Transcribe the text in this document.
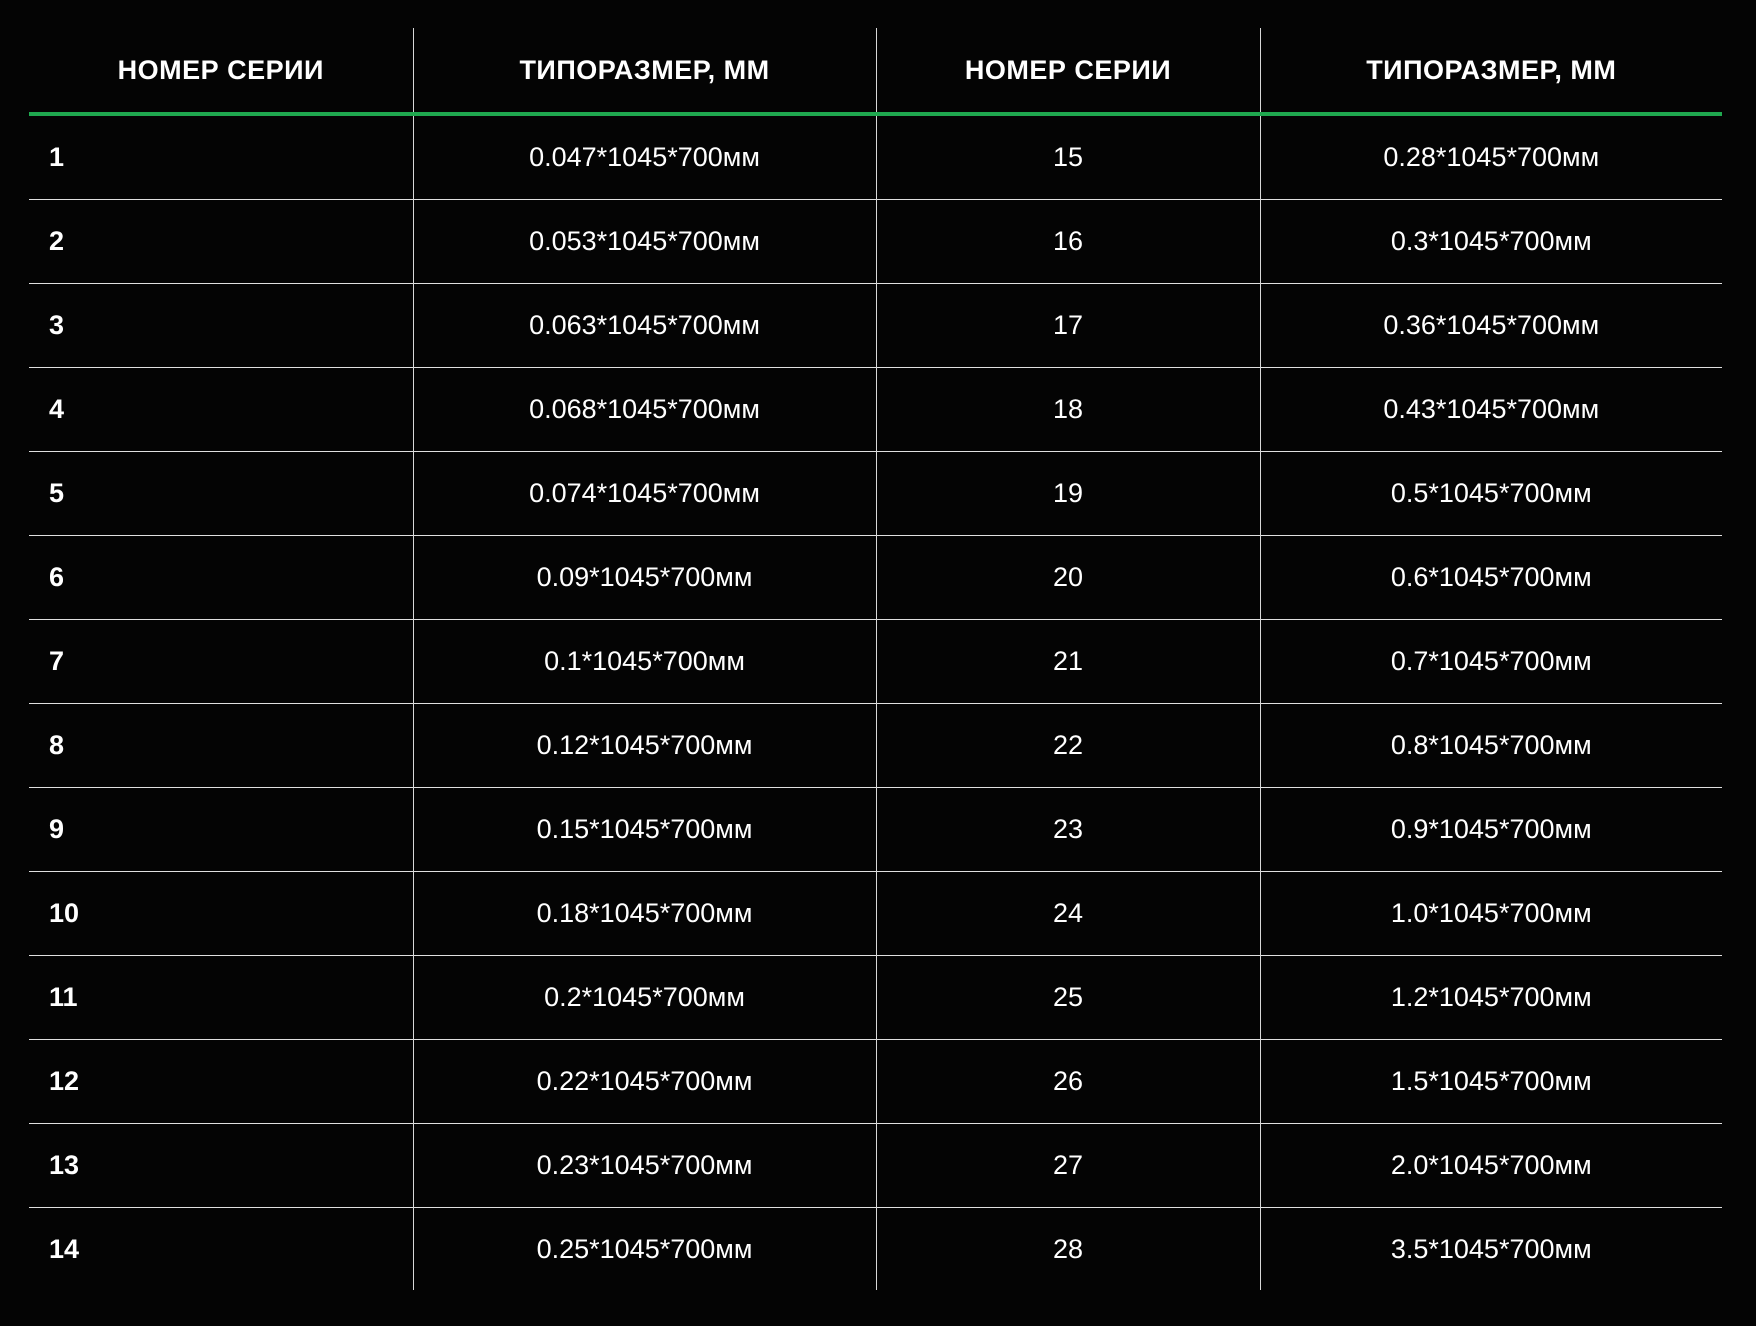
НОМЕР СЕРИИ	ТИПОРАЗМЕР, ММ	НОМЕР СЕРИИ	ТИПОРАЗМЕР, ММ
1	0.047*1045*700мм	15	0.28*1045*700мм
2	0.053*1045*700мм	16	0.3*1045*700мм
3	0.063*1045*700мм	17	0.36*1045*700мм
4	0.068*1045*700мм	18	0.43*1045*700мм
5	0.074*1045*700мм	19	0.5*1045*700мм
6	0.09*1045*700мм	20	0.6*1045*700мм
7	0.1*1045*700мм	21	0.7*1045*700мм
8	0.12*1045*700мм	22	0.8*1045*700мм
9	0.15*1045*700мм	23	0.9*1045*700мм
10	0.18*1045*700мм	24	1.0*1045*700мм
11	0.2*1045*700мм	25	1.2*1045*700мм
12	0.22*1045*700мм	26	1.5*1045*700мм
13	0.23*1045*700мм	27	2.0*1045*700мм
14	0.25*1045*700мм	28	3.5*1045*700мм
